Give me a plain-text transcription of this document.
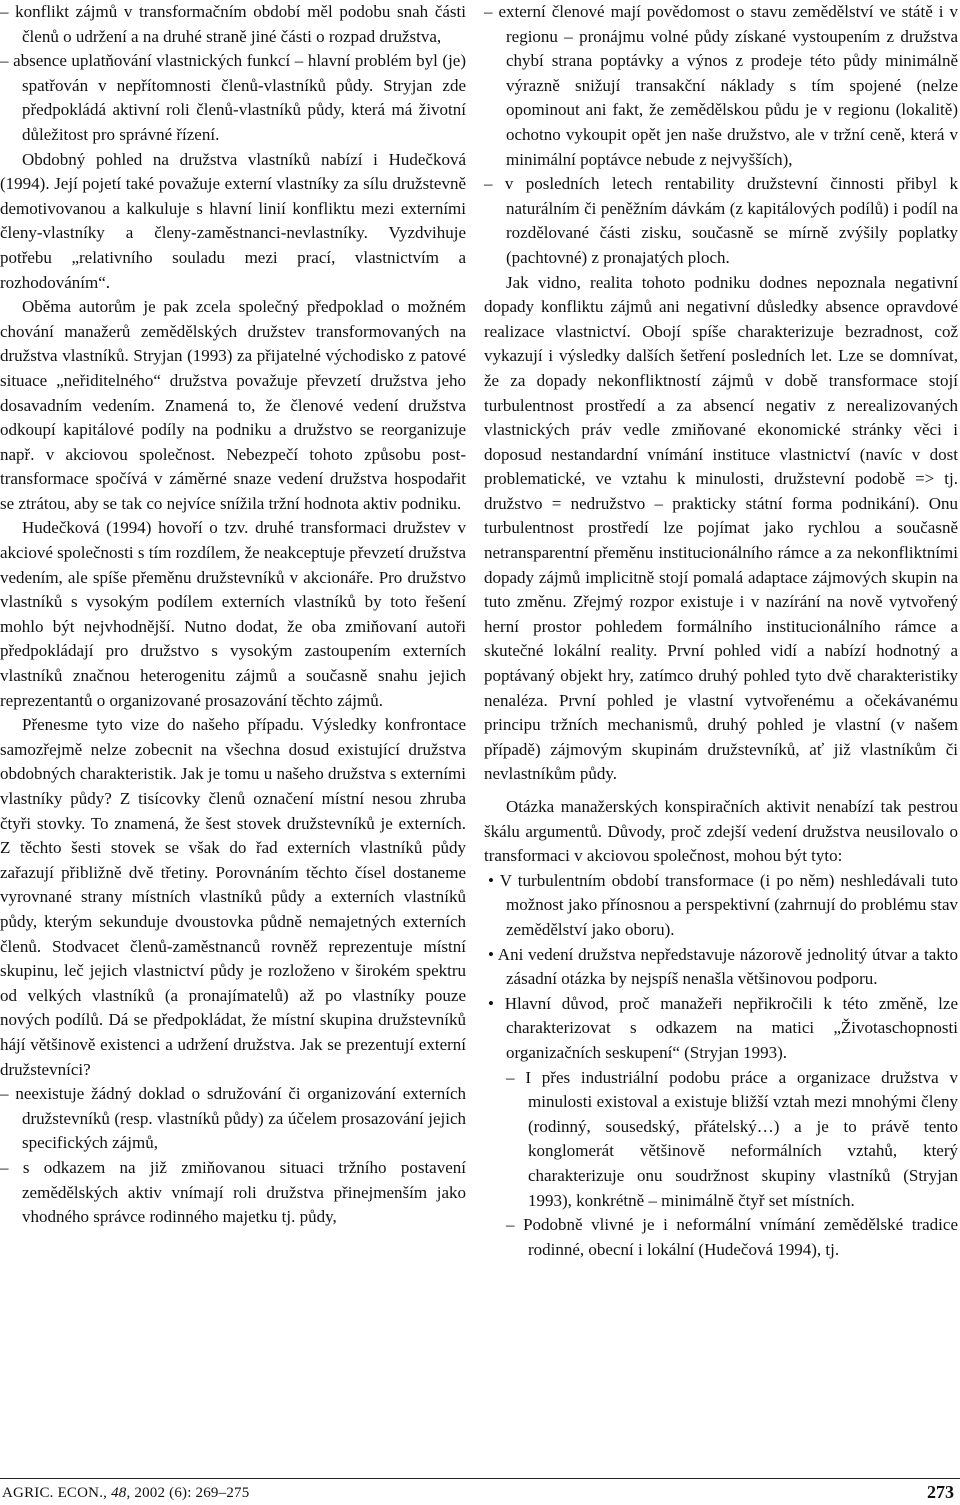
– konflikt zájmů v transformačním období měl podobu snah části členů o udržení a na druhé straně jiné části o rozpad družstva,

– absence uplatňování vlastnických funkcí – hlavní problém byl (je) spatřován v nepřítomnosti členů-vlastníků půdy. Stryjan zde předpokládá aktivní roli členů-vlastníků půdy, která má životní důležitost pro správné řízení.

Obdobný pohled na družstva vlastníků nabízí i Hudečková (1994). Její pojetí také považuje externí vlastníky za sílu družstevně demotivovanou a kalkuluje s hlavní linií konfliktu mezi externími členy-vlastníky a členy-zaměstnanci-nevlastníky. Vyzdvihuje potřebu „relativního souladu mezi prací, vlastnictvím a rozhodováním“.

Oběma autorům je pak zcela společný předpoklad o možném chování manažerů zemědělských družstev transformovaných na družstva vlastníků. Stryjan (1993) za přijatelné východisko z patové situace „neřiditelného“ družstva považuje převzetí družstva jeho dosavadním vedením. Znamená to, že členové vedení družstva odkoupí kapitálové podíly na podniku a družstvo se reorganizuje např. v akciovou společnost. Nebezpečí tohoto způsobu post-transformace spočívá v záměrné snaze vedení družstva hospodařit se ztrátou, aby se tak co nejvíce snížila tržní hodnota aktiv podniku.

Hudečková (1994) hovoří o tzv. druhé transformaci družstev v akciové společnosti s tím rozdílem, že neakceptuje převzetí družstva vedením, ale spíše přeměnu družstevníků v akcionáře. Pro družstvo vlastníků s vysokým podílem externích vlastníků by toto řešení mohlo být nejvhodnější. Nutno dodat, že oba zmiňovaní autoři předpokládají pro družstvo s vysokým zastoupením externích vlastníků značnou heterogenitu zájmů a současně snahu jejich reprezentantů o organizované prosazování těchto zájmů.

Přenesme tyto vize do našeho případu. Výsledky konfrontace samozřejmě nelze zobecnit na všechna dosud existující družstva obdobných charakteristik. Jak je tomu u našeho družstva s externími vlastníky půdy? Z tisícovky členů označení místní nesou zhruba čtyři stovky. To znamená, že šest stovek družstevníků je externích. Z těchto šesti stovek se však do řad externích vlastníků půdy zařazují přibližně dvě třetiny. Porovnáním těchto čísel dostaneme vyrovnané strany místních vlastníků půdy a externích vlastníků půdy, kterým sekunduje dvoustovka půdně nemajetných externích členů. Stodvacet členů-zaměstnanců rovněž reprezentuje místní skupinu, leč jejich vlastnictví půdy je rozloženo v širokém spektru od velkých vlastníků (a pronajímatelů) až po vlastníky pouze nových podílů. Dá se předpokládat, že místní skupina družstevníků hájí většinově existenci a udržení družstva. Jak se prezentují externí družstevníci?

– neexistuje žádný doklad o sdružování či organizování externích družstevníků (resp. vlastníků půdy) za účelem prosazování jejich specifických zájmů,

– s odkazem na již zmiňovanou situaci tržního postavení zemědělských aktiv vnímají roli družstva přinejmenším jako vhodného správce rodinného majetku tj. půdy,

– externí členové mají povědomost o stavu zemědělství ve státě i v regionu – pronájmu volné půdy získané vystoupením z družstva chybí strana poptávky a výnos z prodeje této půdy minimálně výrazně snižují transakční náklady s tím spojené (nelze opominout ani fakt, že zemědělskou půdu je v regionu (lokalitě) ochotno vykoupit opět jen naše družstvo, ale v tržní ceně, která v minimální poptávce nebude z nejvyšších),

– v posledních letech rentability družstevní činnosti přibyl k naturálním či peněžním dávkám (z kapitálových podílů) i podíl na rozdělované části zisku, současně se mírně zvýšily poplatky (pachtovné) z pronajatých ploch.

Jak vidno, realita tohoto podniku dodnes nepoznala negativní dopady konfliktu zájmů ani negativní důsledky absence opravdové realizace vlastnictví. Obojí spíše charakterizuje bezradnost, což vykazují i výsledky dalších šetření posledních let. Lze se domnívat, že za dopady nekonfliktností zájmů v době transformace stojí turbulentnost prostředí a za absencí negativ z nerealizovaných vlastnických práv vedle zmiňované ekonomické stránky věci i doposud nestandardní vnímání instituce vlastnictví (navíc v dost problematické, ve vztahu k minulosti, družstevní podobě => tj. družstvo = nedružstvo – prakticky státní forma podnikání). Onu turbulentnost prostředí lze pojímat jako rychlou a současně netransparentní přeměnu institucionálního rámce a za nekonfliktními dopady zájmů implicitně stojí pomalá adaptace zájmových skupin na tuto změnu. Zřejmý rozpor existuje i v nazírání na nově vytvořený herní prostor pohledem formálního institucionálního rámce a skutečné lokální reality. První pohled vidí a nabízí hodnotný a poptávaný objekt hry, zatímco druhý pohled tyto dvě charakteristiky nenaléza. První pohled je vlastní vytvořenému a očekávanému principu tržních mechanismů, druhý pohled je vlastní (v našem případě) zájmovým skupinám družstevníků, ať již vlastníkům či nevlastníkům půdy.

Otázka manažerských konspiračních aktivit nenabízí tak pestrou škálu argumentů. Důvody, proč zdejší vedení družstva neusilovalo o transformaci v akciovou společnost, mohou být tyto:

• V turbulentním období transformace (i po něm) neshledávali tuto možnost jako přínosnou a perspektivní (zahrnují do problému stav zemědělství jako oboru).

• Ani vedení družstva nepředstavuje názorově jednolitý útvar a takto zásadní otázka by nejspíš nenašla většinovou podporu.

• Hlavní důvod, proč manažeři nepřikročili k této změně, lze charakterizovat s odkazem na matici „Životaschopnosti organizačních seskupení“ (Stryjan 1993).

– I přes industriální podobu práce a organizace družstva v minulosti existoval a existuje bližší vztah mezi mnohými členy (rodinný, sousedský, přátelský…) a je to právě tento konglomerát většinově neformálních vztahů, který charakterizuje onu soudržnost skupiny vlastníků (Stryjan 1993), konkrétně – minimálně čtyř set místních.

– Podobně vlivné je i neformální vnímání zemědělské tradice rodinné, obecní i lokální (Hudečová 1994), tj.

AGRIC. ECON., 48, 2002 (6): 269–275	273
